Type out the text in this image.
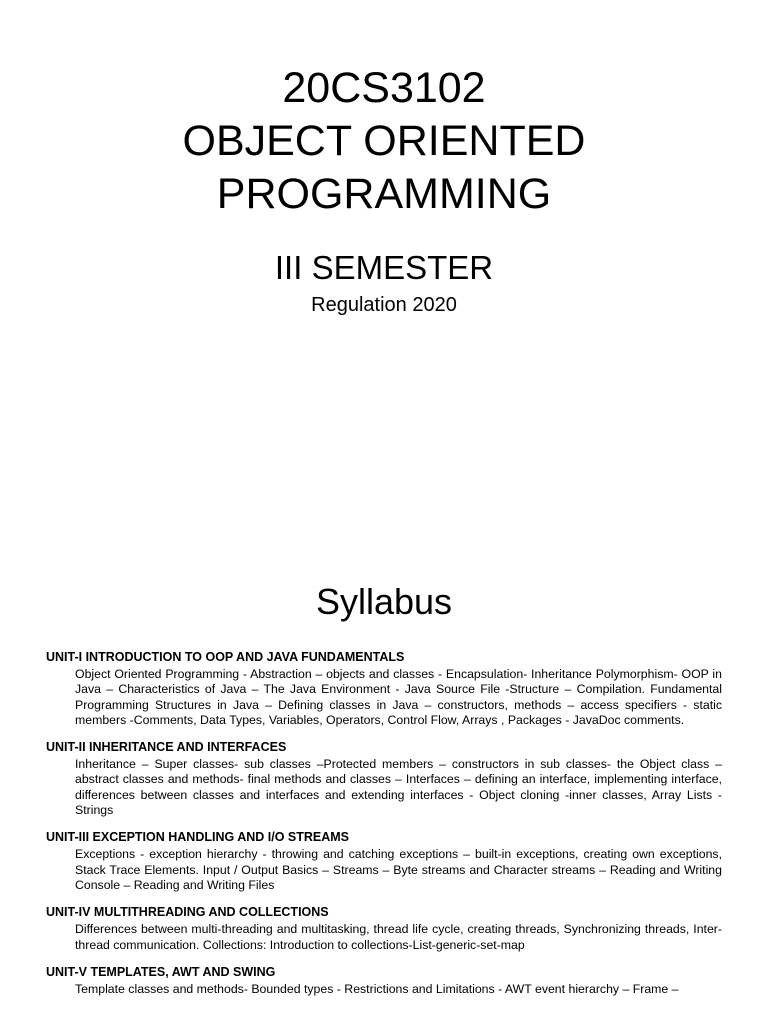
20CS3102
OBJECT ORIENTED
PROGRAMMING
III SEMESTER
Regulation 2020
Syllabus
UNIT-I INTRODUCTION TO OOP AND JAVA FUNDAMENTALS
Object Oriented Programming - Abstraction – objects and classes - Encapsulation- Inheritance Polymorphism- OOP in Java – Characteristics of Java – The Java Environment - Java Source File -Structure – Compilation. Fundamental Programming Structures in Java – Defining classes in Java – constructors, methods – access specifiers - static members -Comments, Data Types, Variables, Operators, Control Flow, Arrays , Packages - JavaDoc comments.
UNIT-II INHERITANCE AND INTERFACES
Inheritance – Super classes- sub classes –Protected members – constructors in sub classes- the Object class – abstract classes and methods- final methods and classes – Interfaces – defining an interface, implementing interface, differences between classes and interfaces and extending interfaces - Object cloning -inner classes, Array Lists - Strings
UNIT-III EXCEPTION HANDLING AND I/O STREAMS
Exceptions - exception hierarchy - throwing and catching exceptions – built-in exceptions, creating own exceptions, Stack Trace Elements. Input / Output Basics – Streams – Byte streams and Character streams – Reading and Writing Console – Reading and Writing Files
UNIT-IV MULTITHREADING AND COLLECTIONS
Differences between multi-threading and multitasking, thread life cycle, creating threads, Synchronizing threads, Inter-thread communication. Collections: Introduction to collections-List-generic-set-map
UNIT-V TEMPLATES, AWT AND SWING
Template classes and methods- Bounded types - Restrictions and Limitations - AWT event hierarchy – Frame –
